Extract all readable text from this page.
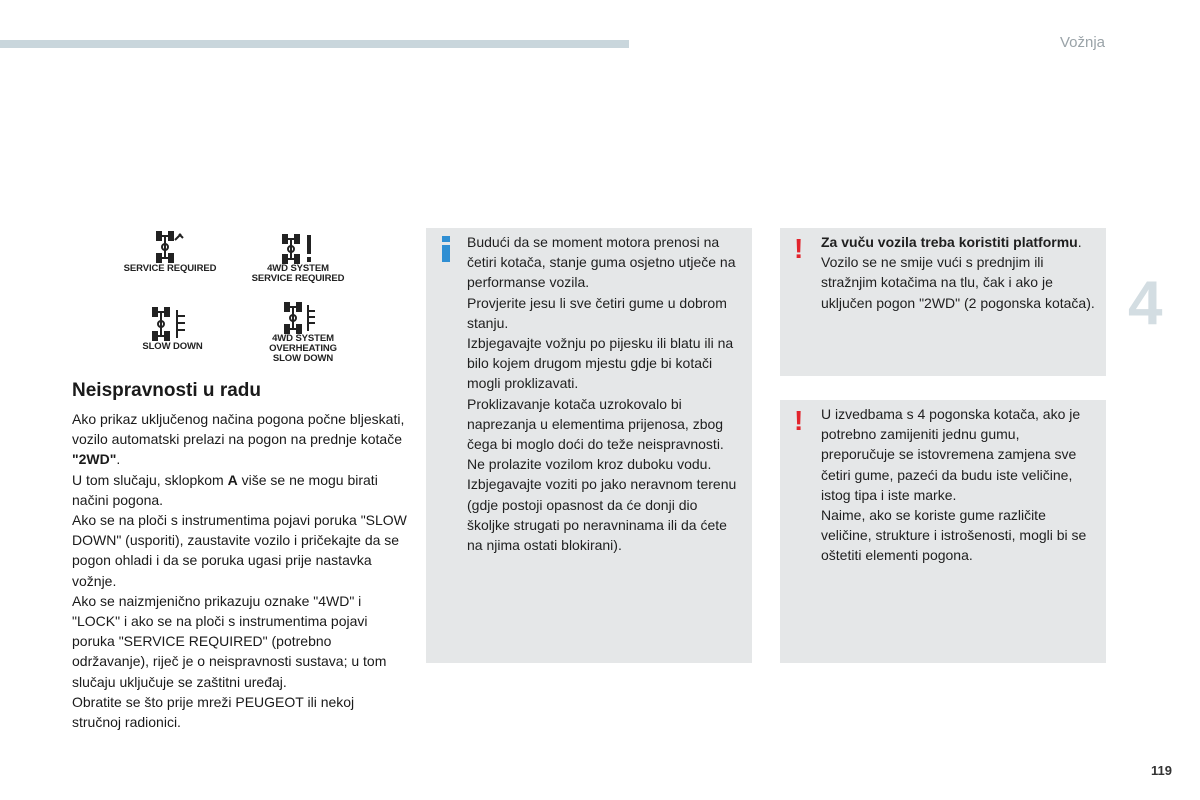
Vožnja
4
119
SERVICE REQUIRED	4WD SYSTEM
SERVICE REQUIRED
SLOW DOWN
4WD SYSTEM OVERHEATING
SLOW DOWN
Neispravnosti u radu

Ako prikaz uključenog načina pogona počne bljeskati, vozilo automatski prelazi na pogon na prednje kotače "2WD".

U tom slučaju, sklopkom A više se ne mogu birati načini pogona.

Ako se na ploči s instrumentima pojavi poruka "SLOW DOWN" (usporiti), zaustavite vozilo i pričekajte da se pogon ohladi i da se poruka ugasi prije nastavka vožnje.

Ako se naizmjenično prikazuju oznake "4WD" i "LOCK" i ako se na ploči s instrumentima pojavi poruka "SERVICE REQUIRED" (potrebno održavanje), riječ je o neispravnosti sustava; u tom slučaju uključuje se zaštitni uređaj.

Obratite se što prije mreži PEUGEOT ili nekoj stručnoj radionici.

Budući da se moment motora prenosi na četiri kotača, stanje guma osjetno utječe na performanse vozila.

Provjerite jesu li sve četiri gume u dobrom stanju.

Izbjegavajte vožnju po pijesku ili blatu ili na bilo kojem drugom mjestu gdje bi kotači mogli proklizavati.

Proklizavanje kotača uzrokovalo bi naprezanja u elementima prijenosa, zbog čega bi moglo doći do teže neispravnosti.

Ne prolazite vozilom kroz duboku vodu.

Izbjegavajte voziti po jako neravnom terenu (gdje postoji opasnost da će donji dio školjke strugati po neravninama ili da ćete na njima ostati blokirani).

! Za vuču vozila treba koristiti platformu.

Vozilo se ne smije vući s prednjim ili stražnjim kotačima na tlu, čak i ako je uključen pogon "2WD" (2 pogonska kotača).

! U izvedbama s 4 pogonska kotača, ako je potrebno zamijeniti jednu gumu, preporučuje se istovremena zamjena sve četiri gume, pazeći da budu iste veličine, istog tipa i iste marke.

Naime, ako se koriste gume različite veličine, strukture i istrošenosti, mogli bi se oštetiti elementi pogona.
